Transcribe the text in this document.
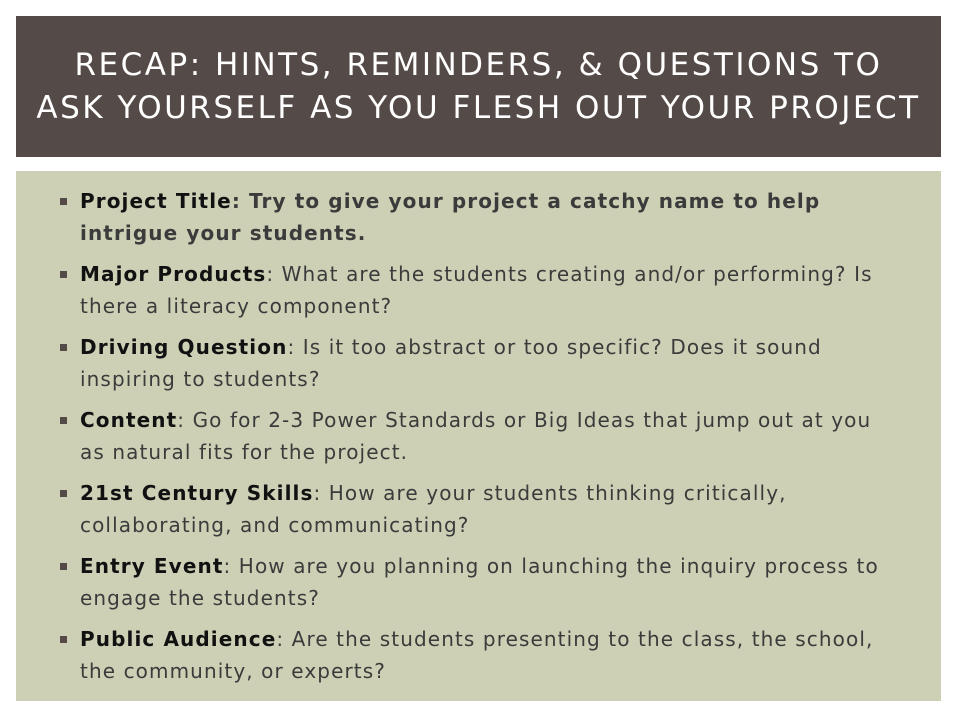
RECAP: HINTS, REMINDERS, & QUESTIONS TO ASK YOURSELF AS YOU FLESH OUT YOUR PROJECT
Project Title: Try to give your project a catchy name to help intrigue your students.
Major Products: What are the students creating and/or performing? Is there a literacy component?
Driving Question: Is it too abstract or too specific? Does it sound inspiring to students?
Content: Go for 2-3 Power Standards or Big Ideas that jump out at you as natural fits for the project.
21st Century Skills: How are your students thinking critically, collaborating, and communicating?
Entry Event: How are you planning on launching the inquiry process to engage the students?
Public Audience: Are the students presenting to the class, the school, the community, or experts?
